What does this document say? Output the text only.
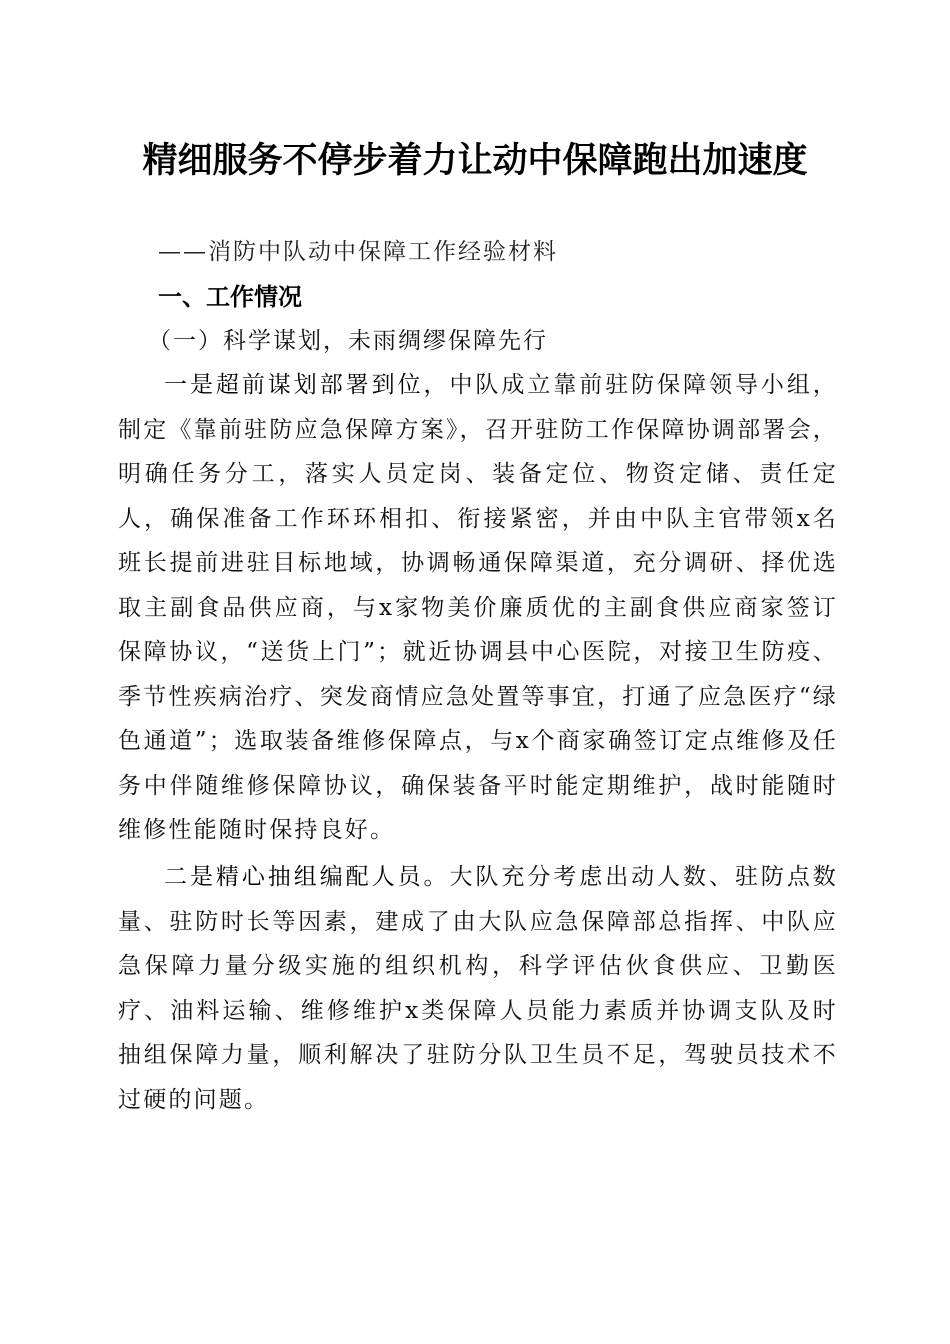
精细服务不停步着力让动中保障跑出加速度
——消防中队动中保障工作经验材料
一、工作情况
（一）科学谋划，未雨绸缪保障先行

一是超前谋划部署到位，中队成立靠前驻防保障领导小组，制定《靠前驻防应急保障方案》，召开驻防工作保障协调部署会，明确任务分工，落实人员定岗、装备定位、物资定储、责任定人，确保准备工作环环相扣、衔接紧密，并由中队主官带领x名班长提前进驻目标地域，协调畅通保障渠道，充分调研、择优选取主副食品供应商，与x家物美价廉质优的主副食供应商家签订保障协议，“送货上门”；就近协调县中心医院，对接卫生防疫、季节性疾病治疗、突发商情应急处置等事宜，打通了应急医疗“绿色通道”；选取装备维修保障点，与x个商家确签订定点维修及任务中伴随维修保障协议，确保装备平时能定期维护，战时能随时维修性能随时保持良好。

二是精心抽组编配人员。大队充分考虑出动人数、驻防点数量、驻防时长等因素，建成了由大队应急保障部总指挥、中队应急保障力量分级实施的组织机构，科学评估伙食供应、卫勤医疗、油料运输、维修维护x类保障人员能力素质并协调支队及时抽组保障力量，顺利解决了驻防分队卫生员不足，驾驶员技术不过硬的问题。
